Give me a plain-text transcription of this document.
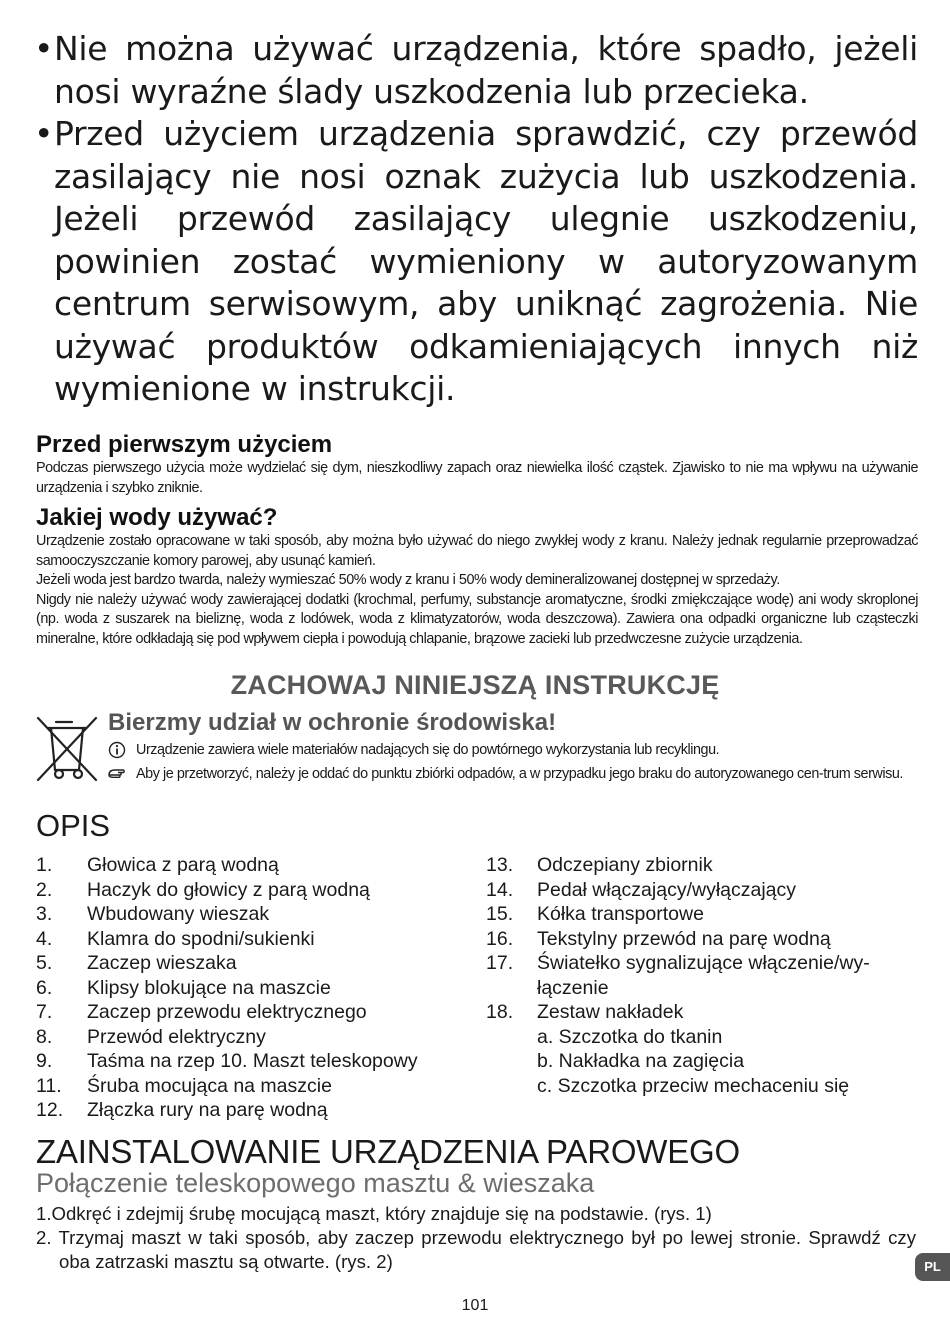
• Nie można używać urządzenia, które spadło, jeżeli nosi wyraźne ślady uszkodzenia lub przecieka.
• Przed użyciem urządzenia sprawdzić, czy przewód zasilający nie nosi oznak zużycia lub uszkodzenia. Jeżeli przewód zasilający ulegnie uszkodzeniu, powinien zostać wymieniony w autoryzowanym centrum serwisowym, aby uniknąć zagrożenia. Nie używać produktów odkamieniających innych niż wymienione w instrukcji.
Przed pierwszym użyciem
Podczas pierwszego użycia może wydzielać się dym, nieszkodliwy zapach oraz niewielka ilość cząstek. Zjawisko to nie ma wpływu na używanie urządzenia i szybko zniknie.
Jakiej wody używać?
Urządzenie zostało opracowane w taki sposób, aby można było używać do niego zwykłej wody z kranu. Należy jednak regularnie przeprowadzać samooczyszczanie komory parowej, aby usunąć kamień.
Jeżeli woda jest bardzo twarda, należy wymieszać 50% wody z kranu i 50% wody demineralizowanej dostępnej w sprzedaży.
Nigdy nie należy używać wody zawierającej dodatki (krochmal, perfumy, substancje aromatyczne, środki zmiękczające wodę) ani wody skroplonej (np. woda z suszarek na bieliznę, woda z lodówek, woda z klimatyzatorów, woda deszczowa). Zawiera ona odpadki organiczne lub cząsteczki mineralne, które odkładają się pod wpływem ciepła i powodują chlapanie, brązowe zacieki lub przedwczesne zużycie urządzenia.
ZACHOWAJ NINIEJSZĄ INSTRUKCJĘ
Bierzmy udział w ochronie środowiska!
Urządzenie zawiera wiele materiałów nadających się do powtórnego wykorzystania lub recyklingu.
Aby je przetworzyć, należy je oddać do punktu zbiórki odpadów, a w przypadku jego braku do autoryzowanego cen-trum serwisu.
OPIS
1. Głowica z parą wodną
2. Haczyk do głowicy z parą wodną
3. Wbudowany wieszak
4. Klamra do spodni/sukienki
5. Zaczep wieszaka
6. Klipsy blokujące na maszcie
7. Zaczep przewodu elektrycznego
8. Przewód elektryczny
9. Taśma na rzep 10. Maszt teleskopowy
11. Śruba mocująca na maszcie
12. Złączka rury na parę wodną
13. Odczepiany zbiornik
14. Pedał włączający/wyłączający
15. Kółka transportowe
16. Tekstylny przewód na parę wodną
17. Światełko sygnalizujące włączenie/wy-łączenie
18. Zestaw nakładek
a. Szczotka do tkanin
b. Nakładka na zagięcia
c. Szczotka przeciw mechaceniu się
ZAINSTALOWANIE URZĄDZENIA PAROWEGO
Połączenie teleskopowego masztu & wieszaka
1.Odkręć i zdejmij śrubę mocującą maszt, który znajduje się na podstawie. (rys. 1)
2. Trzymaj maszt w taki sposób, aby zaczep przewodu elektrycznego był po lewej stronie. Sprawdź czy oba zatrzaski masztu są otwarte. (rys. 2)	PL
101
